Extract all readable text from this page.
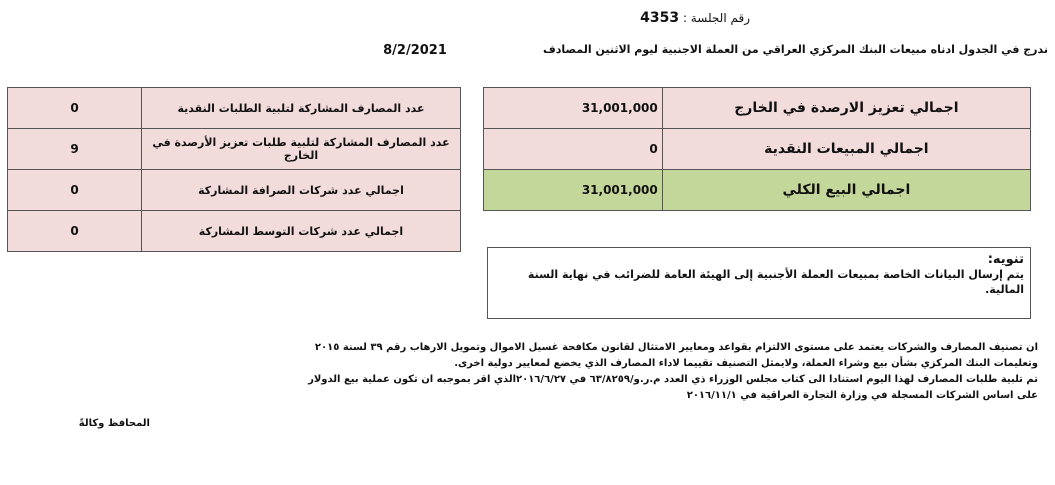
رقم الجلسة : 4353
ندرج في الجدول ادناه مبيعات البنك المركزي العراقي من العملة الاجنبية ليوم الاثنين المصادف
8/2/2021
31,001,000	اجمالي تعزيز الارصدة في الخارج
0	اجمالي المبيعات النقدية
31,001,000	اجمالي البيع الكلي
0	عدد المصارف المشاركة لتلبية الطلبات النقدية
9	عدد المصارف المشاركة لتلبية طلبات تعزيز الأرصدة في الخارج
0	اجمالي عدد شركات الصرافة المشاركة
0	اجمالي عدد شركات التوسط المشاركة
تنويه:
يتم إرسال البيانات الخاصة بمبيعات العملة الأجنبية إلى الهيئة العامة للضرائب في نهاية السنة المالية.
ان تصنيف المصارف والشركات يعتمد على مستوى الالتزام بقواعد ومعايير الامتثال لقانون مكافحة غسيل الاموال وتمويل الارهاب رقم ٣٩ لسنة ٢٠١٥
وتعليمات البنك المركزي بشأن بيع وشراء العملة، ولايمثل التصنيف تقييما لاداء المصارف الذي يخضع لمعايير دولية اخرى.
تم تلبية طلبات المصارف لهذا اليوم استنادا الى كتاب مجلس الوزراء ذي العدد م.ر.و/٦٣/٨٢٥٩ في ٢٠١٦/٦/٢٧الذي اقر بموجبه ان تكون عملية بيع الدولار
على اساس الشركات المسجلة في وزارة التجارة العراقية في ٢٠١٦/١١/١
المحافظ وكالةً
